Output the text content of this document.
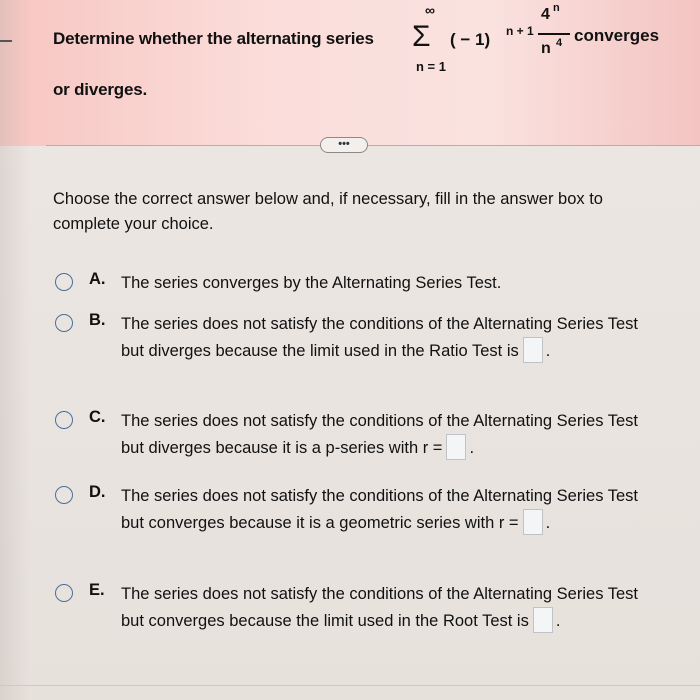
Determine whether the alternating series
∞
Σ
n = 1
( − 1) n + 1
4 n
n 4 converges
or diverges.
•••
Choose the correct answer below and, if necessary, fill in the answer box to complete your choice.
A. The series converges by the Alternating Series Test.
B. The series does not satisfy the conditions of the Alternating Series Test but diverges because the limit used in the Ratio Test is .
C. The series does not satisfy the conditions of the Alternating Series Test but diverges because it is a p-series with r = .
D. The series does not satisfy the conditions of the Alternating Series Test but converges because it is a geometric series with r = .
E. The series does not satisfy the conditions of the Alternating Series Test but converges because the limit used in the Root Test is .
